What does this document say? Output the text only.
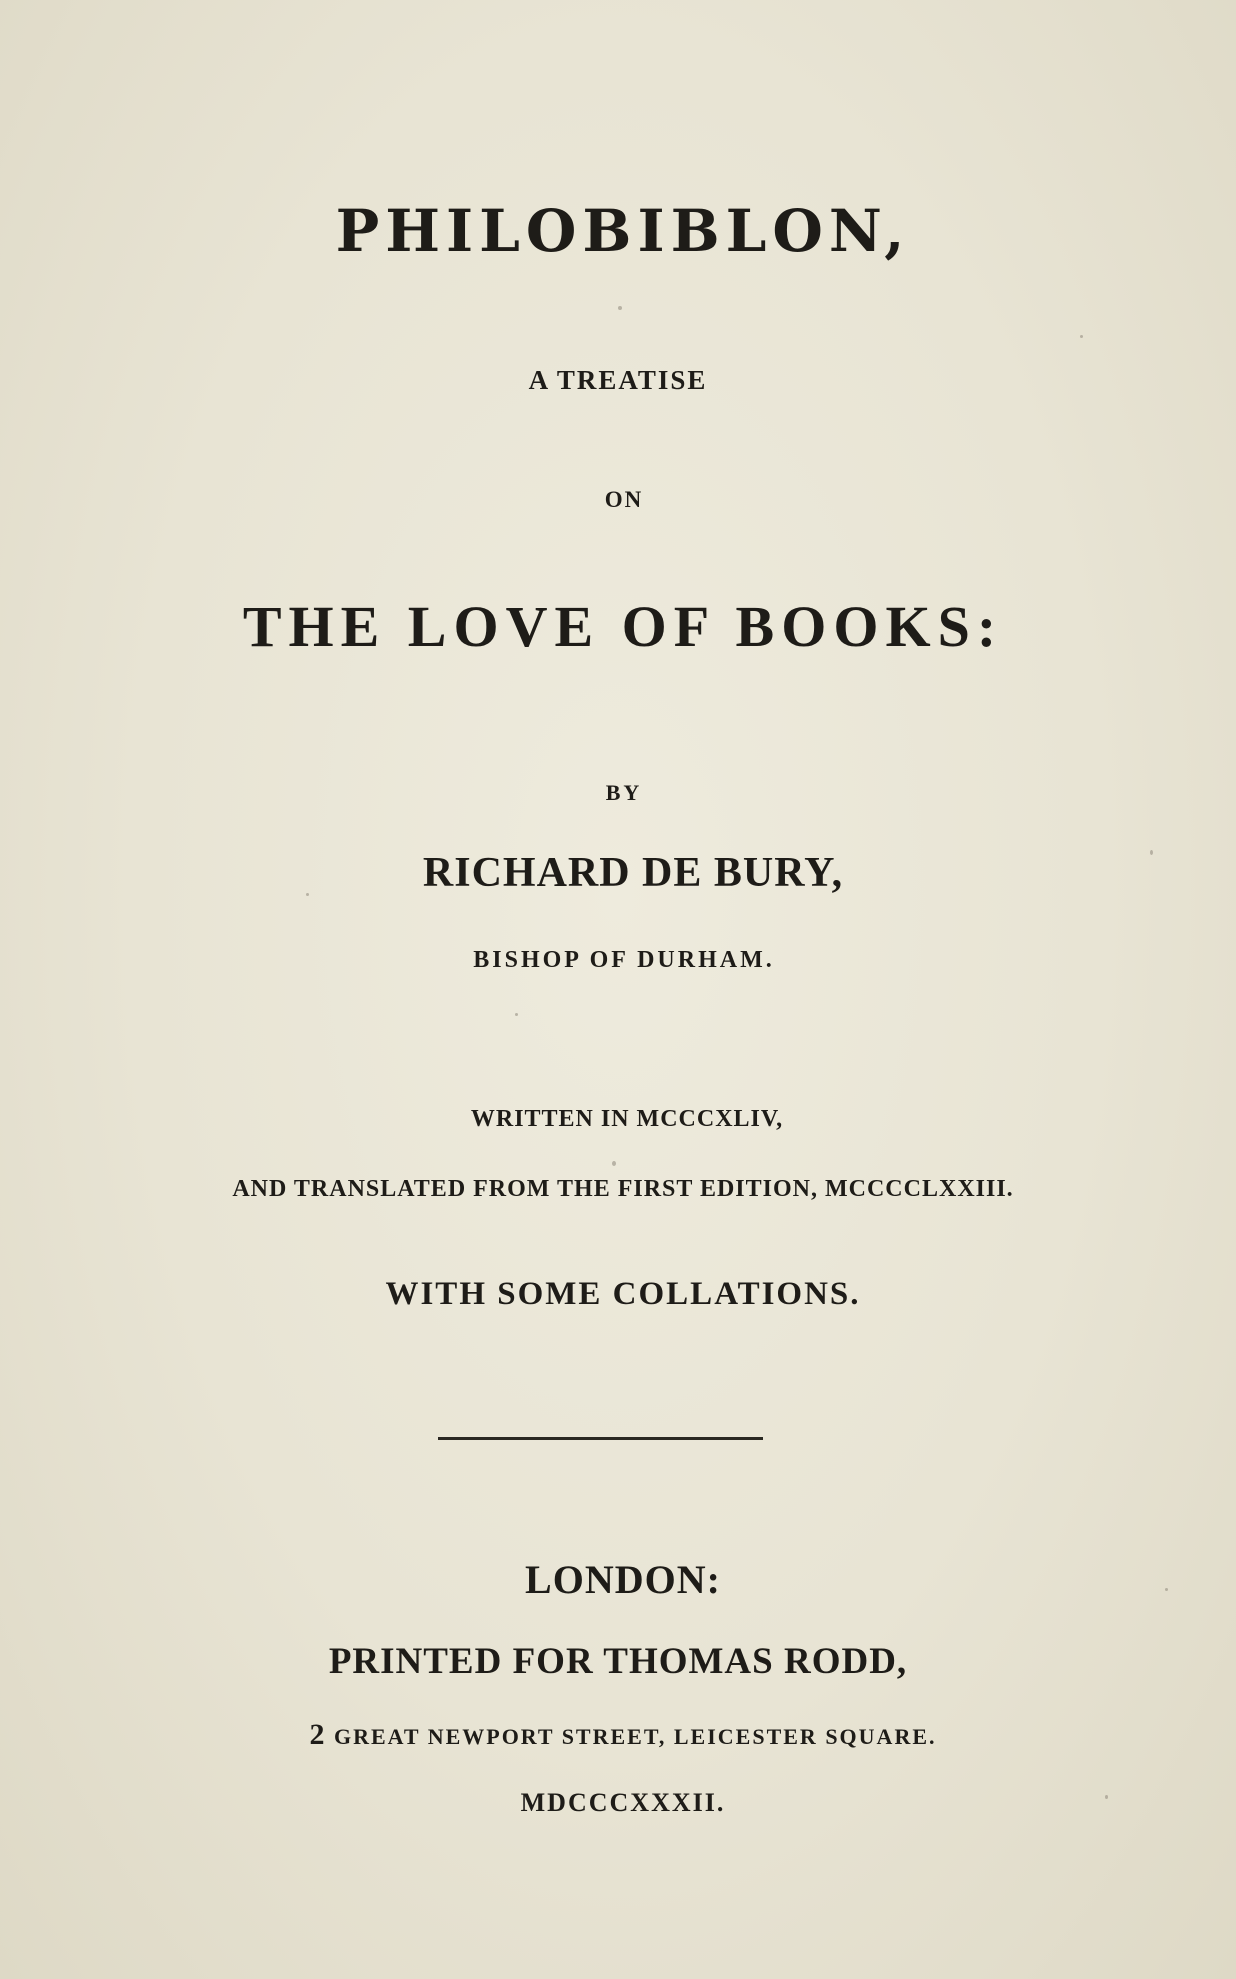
PHILOBIBLON,

A TREATISE

ON

THE LOVE OF BOOKS:

BY

RICHARD DE BURY,

BISHOP OF DURHAM.

WRITTEN IN MCCCXLIV,

AND TRANSLATED FROM THE FIRST EDITION, MCCCCLXXIII.

WITH SOME COLLATIONS.

LONDON:

PRINTED FOR THOMAS RODD,

2 GREAT NEWPORT STREET, LEICESTER SQUARE.

MDCCCXXXII.
